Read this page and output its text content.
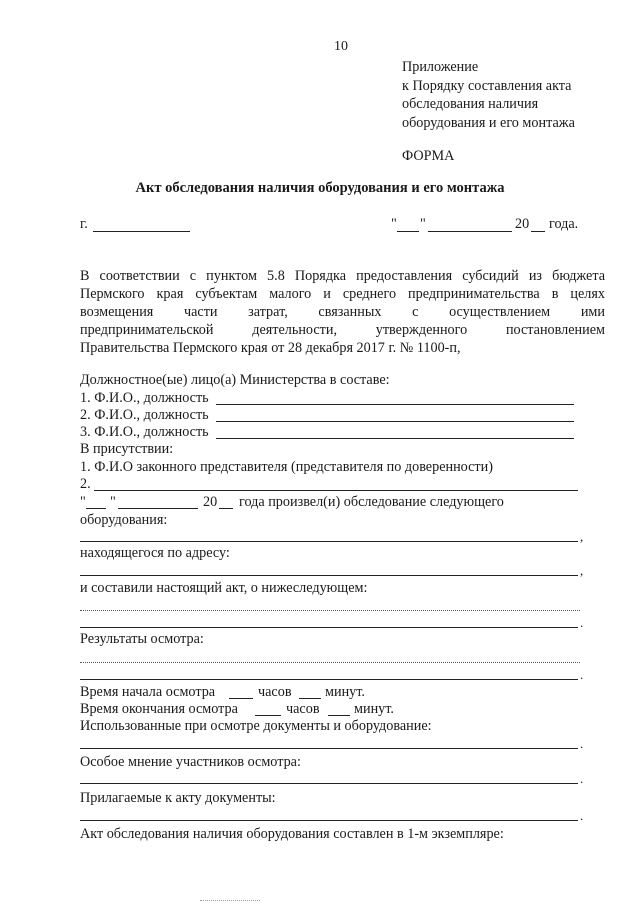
10
Приложение
к Порядку составления акта
обследования наличия
оборудования и его монтажа
ФОРМА
Акт обследования наличия оборудования и его монтажа
г.	" "	20 года.

В соответствии с пунктом 5.8 Порядка предоставления субсидий из бюджета

Пермского края субъектам малого и среднего предпринимательства в целях

возмещения части затрат, связанных с осуществлением ими

предпринимательской деятельности, утвержденного постановлением

Правительства Пермского края от 28 декабря 2017 г. № 1100-п,

Должностное(ые) лицо(а) Министерства в составе:
1. Ф.И.О., должность
2. Ф.И.О., должность
3. Ф.И.О., должность
В присутствии:
1. Ф.И.О законного представителя (представителя по доверенности)
2.
" "	20 года произвел(и) обследование следующего
оборудования:
,
находящегося по адресу:
,
и составили настоящий акт, о нижеследующем:
.
Результаты осмотра:
.
Время начала осмотра	часов минут.
Время окончания осмотра	часов минут.
Использованные при осмотре документы и оборудование:
.
Особое мнение участников осмотра:
.
Прилагаемые к акту документы:
.
Акт обследования наличия оборудования составлен в 1-м экземпляре:
